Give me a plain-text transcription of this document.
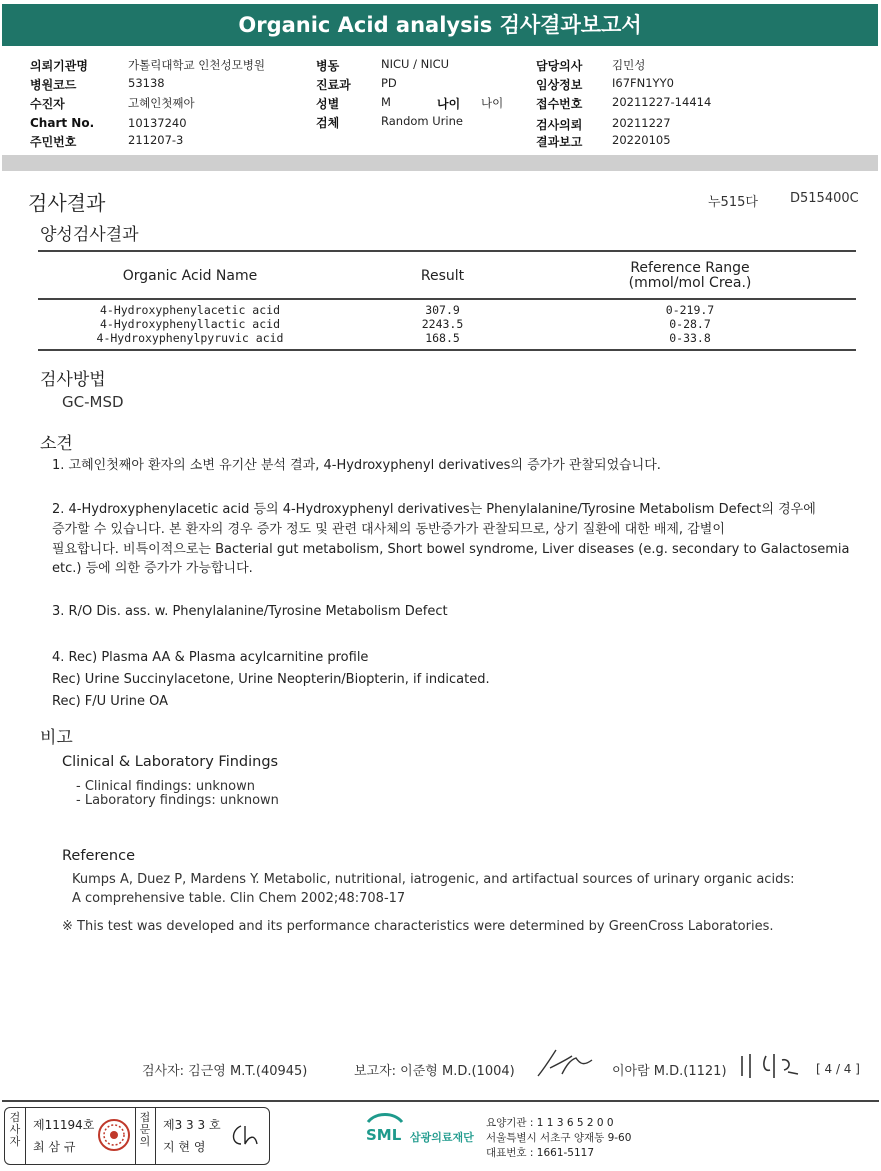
Organic Acid analysis 검사결과보고서
의뢰기관명	가톨릭대학교 인천성모병원
병원코드	53138
수진자	고혜인첫째아
Chart No.	10137240
주민번호	211207-3
병동	NICU / NICU
진료과	PD
성별	M	나이 나이
검체	Random Urine
담당의사	김민성
임상정보	I67FN1YY0
접수번호	20211227-14414
검사의뢰	20211227
결과보고	20220105
검사결과	누515다 D515400C
양성검사결과
Organic Acid Name	Result	Reference Range
(mmol/mol Crea.)
4-Hydroxyphenylacetic acid	307.9	0-219.7
4-Hydroxyphenyllactic acid	2243.5	0-28.7
4-Hydroxyphenylpyruvic acid	168.5	0-33.8
검사방법
GC-MSD
소견
1. 고혜인첫째아 환자의 소변 유기산 분석 결과, 4-Hydroxyphenyl derivatives의 증가가 관찰되었습니다.
2. 4-Hydroxyphenylacetic acid 등의 4-Hydroxyphenyl derivatives는 Phenylalanine/Tyrosine Metabolism Defect의 경우에
증가할 수 있습니다. 본 환자의 경우 증가 정도 및 관련 대사체의 동반증가가 관찰되므로, 상기 질환에 대한 배제, 감별이
필요합니다. 비특이적으로는 Bacterial gut metabolism, Short bowel syndrome, Liver diseases (e.g. secondary to Galactosemia
etc.) 등에 의한 증가가 가능합니다.
3. R/O Dis. ass. w. Phenylalanine/Tyrosine Metabolism Defect
4. Rec) Plasma AA & Plasma acylcarnitine profile
Rec) Urine Succinylacetone, Urine Neopterin/Biopterin, if indicated.
Rec) F/U Urine OA
비고
Clinical & Laboratory Findings
- Clinical findings: unknown
- Laboratory findings: unknown
Reference
Kumps A, Duez P, Mardens Y. Metabolic, nutritional, iatrogenic, and artifactual sources of urinary organic acids:
A comprehensive table. Clin Chem 2002;48:708-17
※ This test was developed and its performance characteristics were determined by GreenCross Laboratories.
검사자: 김근영 M.T.(40945)	보고자: 이준형 M.D.(1004)	이아람 M.D.(1121)	[ 4 / 4 ]
검
사
자
제11194호
최 삼 규
접
문
의
제3 3 3 호
지 현 영
SML 삼광의료재단
요양기관 : 1 1 3 6 5 2 0 0
서울특별시 서초구 양재동 9-60
대표번호 : 1661-5117
